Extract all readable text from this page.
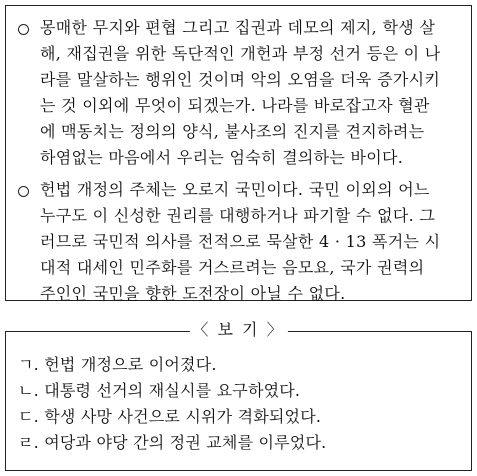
몽매한 무지와 편협 그리고 집권과 데모의 제지, 학생 살
해, 재집권을 위한 독단적인 개헌과 부정 선거 등은 이 나
라를 말살하는 행위인 것이며 악의 오염을 더욱 증가시키
는 것 이외에 무엇이 되겠는가. 나라를 바로잡고자 혈관
에 맥동치는 정의의 양식, 불사조의 진지를 견지하려는
하염없는 마음에서 우리는 엄숙히 결의하는 바이다.
헌법 개정의 주체는 오로지 국민이다. 국민 이외의 어느
누구도 이 신성한 권리를 대행하거나 파기할 수 없다. 그
러므로 국민적 의사를 전적으로 묵살한 4 · 13 폭거는 시
대적 대세인 민주화를 거스르려는 음모요, 국가 권력의
주인인 국민을 향한 도전장이 아닐 수 없다.
〈 보 기 〉
ㄱ. 헌법 개정으로 이어졌다.
ㄴ. 대통령 선거의 재실시를 요구하였다.
ㄷ. 학생 사망 사건으로 시위가 격화되었다.
ㄹ. 여당과 야당 간의 정권 교체를 이루었다.
